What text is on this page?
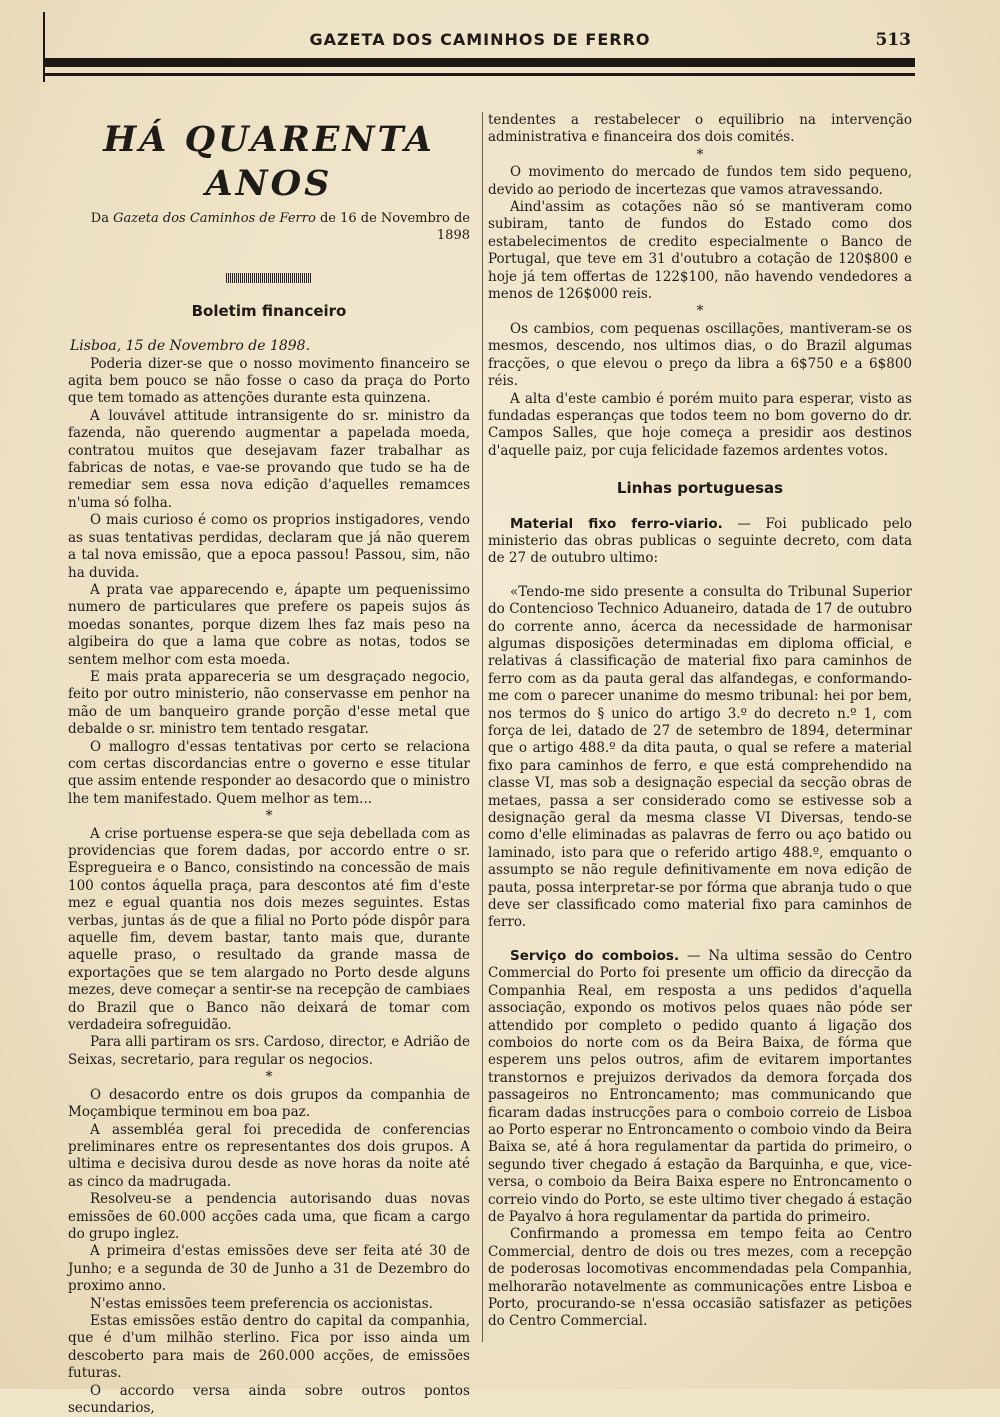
GAZETA DOS CAMINHOS DE FERRO	513
HÁ QUARENTA ANOS
Da Gazeta dos Caminhos de Ferro de 16 de Novembro de 1898
Boletim financeiro

Lisboa, 15 de Novembro de 1898.

Poderia dizer-se que o nosso movimento financeiro se agita bem pouco se não fosse o caso da praça do Porto que tem tomado as attenções durante esta quinzena.

A louvável attitude intransigente do sr. ministro da fazenda, não querendo augmentar a papelada moeda, contratou muitos que desejavam fazer trabalhar as fabricas de notas, e vae-se provando que tudo se ha de remediar sem essa nova edição d'aquelles remamces n'uma só folha.

O mais curioso é como os proprios instigadores, vendo as suas tentativas perdidas, declaram que já não querem a tal nova emissão, que a epoca passou! Passou, sim, não ha duvida.

A prata vae apparecendo e, ápарte um pequenissimo numero de particulares que prefere os papeis sujos ás moedas sonantes, porque dizem lhes faz mais peso na algibeira do que a lama que cobre as notas, todos se sentem melhor com esta moeda.

E mais prata appareceria se um desgraçado negocio, feito por outro ministerio, não conservasse em penhor na mão de um banqueiro grande porção d'esse metal que debalde o sr. ministro tem tentado resgatar.

O mallogro d'essas tentativas por certo se relaciona com certas discordancias entre o governo e esse titular que assim entende responder ao desacordo que o ministro lhe tem manifestado. Quem melhor as tem...

*

A crise portuense espera-se que seja debellada com as providencias que forem dadas, por accordo entre o sr. Espregueira e o Banco, consistindo na concessão de mais 100 contos áquella praça, para descontos até fim d'este mez e egual quantia nos dois mezes seguintes. Estas verbas, juntas ás de que a filial no Porto póde dispôr para aquelle fim, devem bastar, tanto mais que, durante aquelle praso, o resultado da grande massa de exportações que se tem alargado no Porto desde alguns mezes, deve começar a sentir-se na recepção de cambiaes do Brazil que o Banco não deixará de tomar com verdadeira sofreguidão.

Para alli partiram os srs. Cardoso, director, e Adrião de Seixas, secretario, para regular os negocios.

*

O desacordo entre os dois grupos da companhia de Moçambique terminou em boa paz.

A assembléa geral foi precedida de conferencias preliminares entre os representantes dos dois grupos. A ultima e decisiva durou desde as nove horas da noite até as cinco da madrugada.

Resolveu-se a pendencia autorisando duas novas emissões de 60.000 acções cada uma, que ficam a cargo do grupo inglez.

A primeira d'estas emissões deve ser feita até 30 de Junho; e a segunda de 30 de Junho a 31 de Dezembro do proximo anno.

N'estas emissões teem preferencia os accionistas.

Estas emissões estão dentro do capital da companhia, que é d'um milhão sterlino. Fica por isso ainda um descoberto para mais de 260.000 acções, de emissões futuras.

O accordo versa ainda sobre outros pontos secundarios,

tendentes a restabelecer o equilibrio na intervenção administrativa e financeira dos dois comités.

*

O movimento do mercado de fundos tem sido pequeno, devido ao periodo de incertezas que vamos atravessando.

Aind'assim as cotações não só se mantiveram como subiram, tanto de fundos do Estado como dos estabelecimentos de credito especialmente o Banco de Portugal, que teve em 31 d'outubro a cotação de 120$800 e hoje já tem offertas de 122$100, não havendo vendedores a menos de 126$000 reis.

*

Os cambios, com pequenas oscillações, mantiveram-se os mesmos, descendo, nos ultimos dias, o do Brazil algumas fracções, o que elevou o preço da libra a 6$750 e a 6$800 réis.

A alta d'este cambio é porém muito para esperar, visto as fundadas esperanças que todos teem no bom governo do dr. Campos Salles, que hoje começa a presidir aos destinos d'aquelle paiz, por cuja felicidade fazemos ardentes votos.

Linhas portuguesas

Material fixo ferro-viario. — Foi publicado pelo ministerio das obras publicas o seguinte decreto, com data de 27 de outubro ultimo:

«Tendo-me sido presente a consulta do Tribunal Superior do Contencioso Technico Aduaneiro, datada de 17 de outubro do corrente anno, ácerca da necessidade de harmonisar algumas disposições determinadas em diploma official, e relativas á classificação de material fixo para caminhos de ferro com as da pauta geral das alfandegas, e conformando-me com o parecer unanime do mesmo tribunal: hei por bem, nos termos do § unico do artigo 3.º do decreto n.º 1, com força de lei, datado de 27 de setembro de 1894, determinar que o artigo 488.º da dita pauta, o qual se refere a material fixo para caminhos de ferro, e que está comprehendido na classe VI, mas sob a designação especial da secção obras de metaes, passa a ser considerado como se estivesse sob a designação geral da mesma classe VI Diversas, tendo-se como d'elle eliminadas as palavras de ferro ou aço batido ou laminado, isto para que o referido artigo 488.º, emquanto o assumpto se não regule definitivamente em nova edição de pauta, possa interpretar-se por fórma que abranja tudo o que deve ser classificado como material fixo para caminhos de ferro.

Serviço do comboios. — Na ultima sessão do Centro Commercial do Porto foi presente um officio da direcção da Companhia Real, em resposta a uns pedidos d'aquella associação, expondo os motivos pelos quaes não póde ser attendido por completo o pedido quanto á ligação dos comboios do norte com os da Beira Baixa, de fórma que esperem uns pelos outros, afim de evitarem importantes transtornos e prejuizos derivados da demora forçada dos passageiros no Entroncamento; mas communicando que ficaram dadas instrucções para o comboio correio de Lisboa ao Porto esperar no Entroncamento o comboio vindo da Beira Baixa se, até á hora regulamentar da partida do primeiro, o segundo tiver chegado á estação da Barquinha, e que, vice-versa, o comboio da Beira Baixa espere no Entroncamento o correio vindo do Porto, se este ultimo tiver chegado á estação de Payalvo á hora regulamentar da partida do primeiro.

Confirmando a promessa em tempo feita ao Centro Commercial, dentro de dois ou tres mezes, com a recepção de poderosas locomotivas encommendadas pela Companhia, melhorarão notavelmente as communicações entre Lisboa e Porto, procurando-se n'essa occasião satisfazer as petições do Centro Commercial.
